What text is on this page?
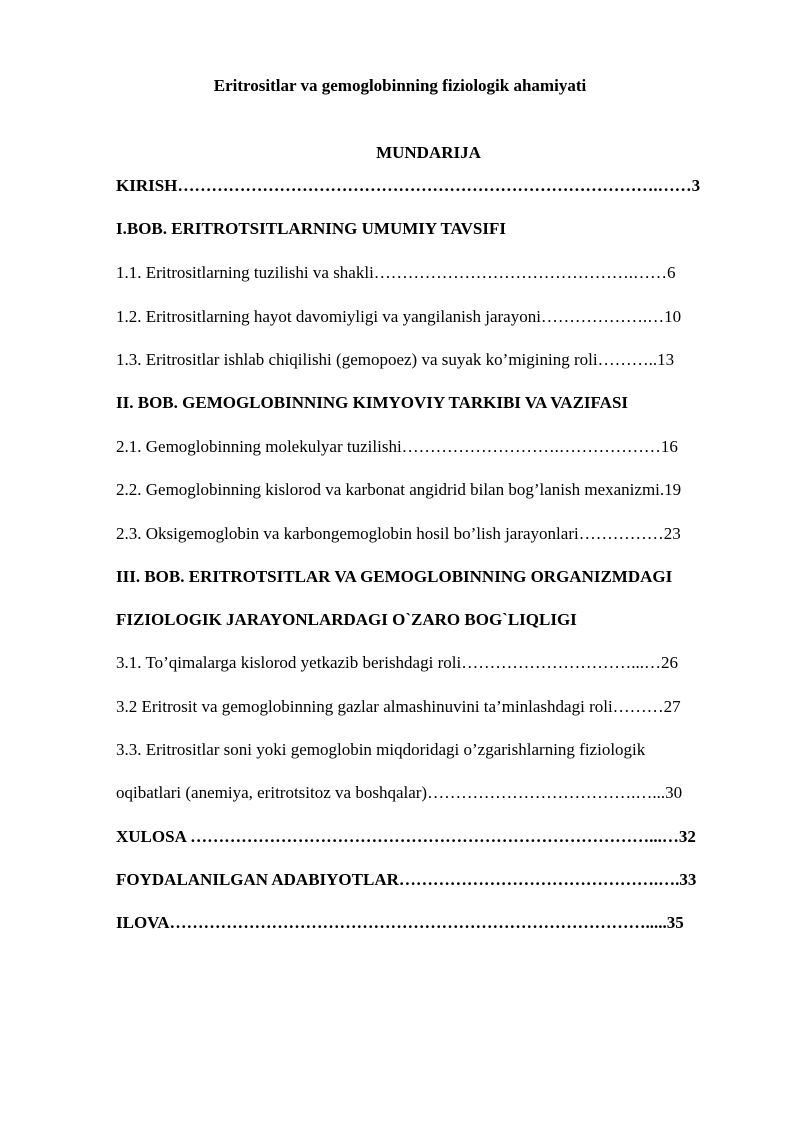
Eritrositlar va gemoglobinning fiziologik ahamiyati
MUNDARIJA
KIRISH………………………………………………………………………….……3
I.BOB. ERITROTSITLARNING UMUMIY TAVSIFI
1.1. Eritrositlarning tuzilishi va shakli……………………………………….……6
1.2. Eritrositlarning hayot davomiyligi va yangilanish jarayoni……………….…10
1.3. Eritrositlar ishlab chiqilishi (gemopoez) va suyak ko’migining roli………..13
II. BOB. GEMOGLOBINNING KIMYOVIY TARKIBI VA VAZIFASI
2.1. Gemoglobinning molekulyar tuzilishi……………………….………………16
2.2. Gemoglobinning kislorod va karbonat angidrid bilan bog’lanish mexanizmi.19
2.3. Oksigemoglobin va karbongemoglobin hosil bo’lish jarayonlari……………23
III. BOB. ERITROTSITLAR VA GEMOGLOBINNING ORGANIZMDAGI
FIZIOLOGIK JARAYONLARDAGI O`ZARO BOG`LIQLIGI
3.1. To’qimalarga kislorod yetkazib berishdagi roli…………………………...…26
3.2 Eritrosit va gemoglobinning gazlar almashinuvini ta’minlashdagi roli………27
3.3. Eritrositlar soni yoki gemoglobin miqdoridagi o’zgarishlarning fiziologik
oqibatlari (anemiya, eritrotsitoz va boshqalar)……………………………….…...30
XULOSA ………………………………………………………………………...…32
FOYDALANILGAN ADABIYOTLAR……………………………………….….33
ILOVA………………………………………………………………………….....35
